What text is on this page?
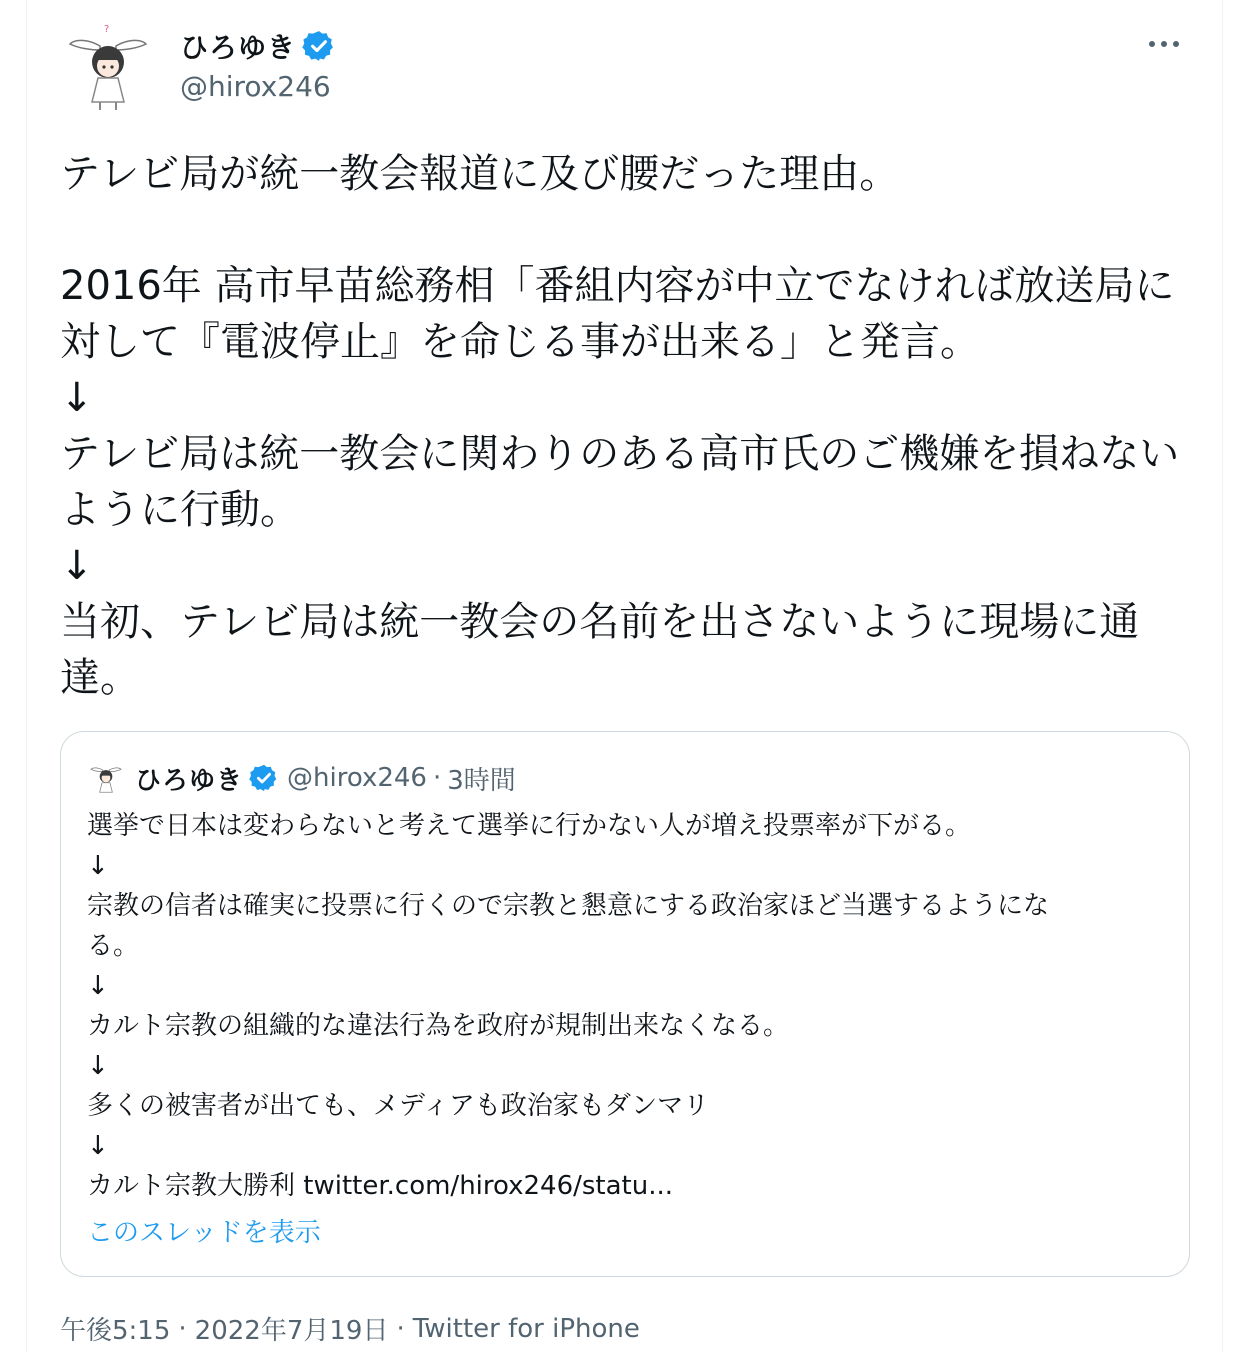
?
ひろゆき
@hirox246

テレビ局が統一教会報道に及び腰だった理由。

2016年 高市早苗総務相「番組内容が中立でなければ放送局に対して『電波停止』を命じる事が出来る」と発言。
↓
テレビ局は統一教会に関わりのある高市氏のご機嫌を損ねないように行動。
↓
当初、テレビ局は統一教会の名前を出さないように現場に通達。

ひろゆき @hirox246 · 3時間

選挙で日本は変わらないと考えて選挙に行かない人が増え投票率が下がる。
↓
宗教の信者は確実に投票に行くので宗教と懇意にする政治家ほど当選するようにな
る。
↓
カルト宗教の組織的な違法行為を政府が規制出来なくなる。
↓
多くの被害者が出ても、メディアも政治家もダンマリ
↓
カルト宗教大勝利 twitter.com/hirox246/statu...

このスレッドを表示
午後5:15 · 2022年7月19日 · Twitter for iPhone
